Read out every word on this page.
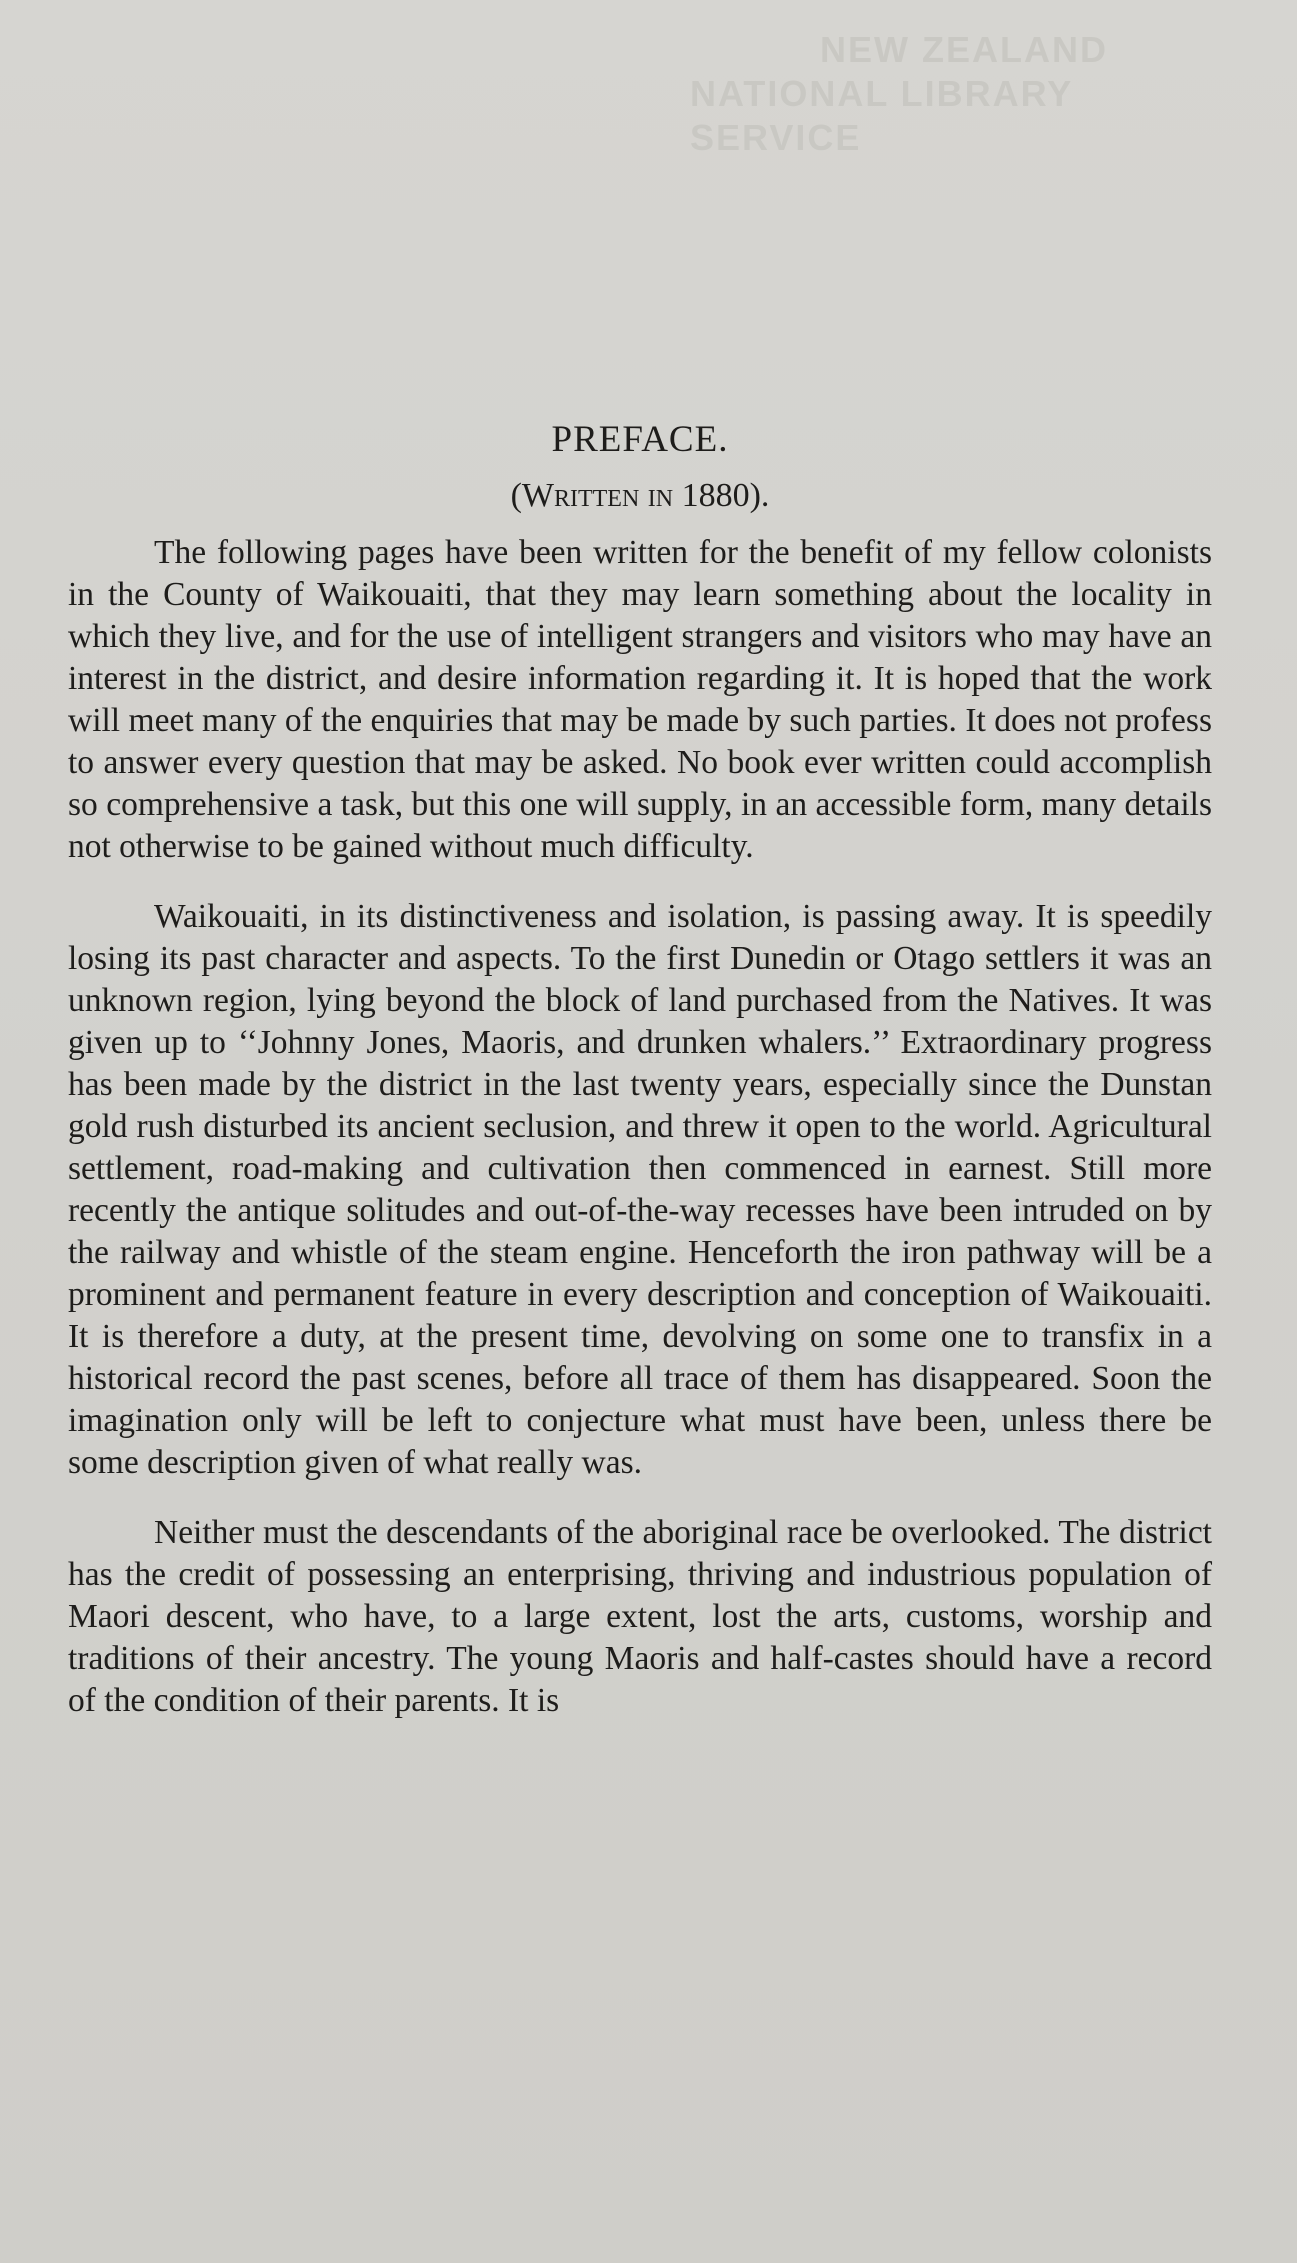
NEW ZEALAND
NATIONAL LIBRARY SERVICE
PREFACE.
(Written in 1880).

The following pages have been written for the benefit of my fellow colonists in the County of Waikouaiti, that they may learn something about the locality in which they live, and for the use of intelligent strangers and visitors who may have an interest in the district, and desire information regarding it. It is hoped that the work will meet many of the enquiries that may be made by such parties. It does not profess to answer every question that may be asked. No book ever written could accomplish so comprehensive a task, but this one will supply, in an accessible form, many details not otherwise to be gained without much difficulty.

Waikouaiti, in its distinctiveness and isolation, is passing away. It is speedily losing its past character and aspects. To the first Dunedin or Otago settlers it was an unknown region, lying beyond the block of land purchased from the Natives. It was given up to ‘‘Johnny Jones, Maoris, and drunken whalers.’’ Extraordinary progress has been made by the district in the last twenty years, especially since the Dunstan gold rush disturbed its ancient seclusion, and threw it open to the world. Agricultural settlement, road-making and cultivation then commenced in earnest. Still more recently the antique solitudes and out-of-the-way recesses have been intruded on by the railway and whistle of the steam engine. Henceforth the iron pathway will be a prominent and permanent feature in every description and conception of Waikouaiti. It is therefore a duty, at the present time, devolving on some one to transfix in a historical record the past scenes, before all trace of them has disappeared. Soon the imagination only will be left to conjecture what must have been, unless there be some description given of what really was.

Neither must the descendants of the aboriginal race be overlooked. The district has the credit of possessing an enterprising, thriving and industrious population of Maori descent, who have, to a large extent, lost the arts, customs, worship and traditions of their ancestry. The young Maoris and half-castes should have a record of the condition of their parents. It is
